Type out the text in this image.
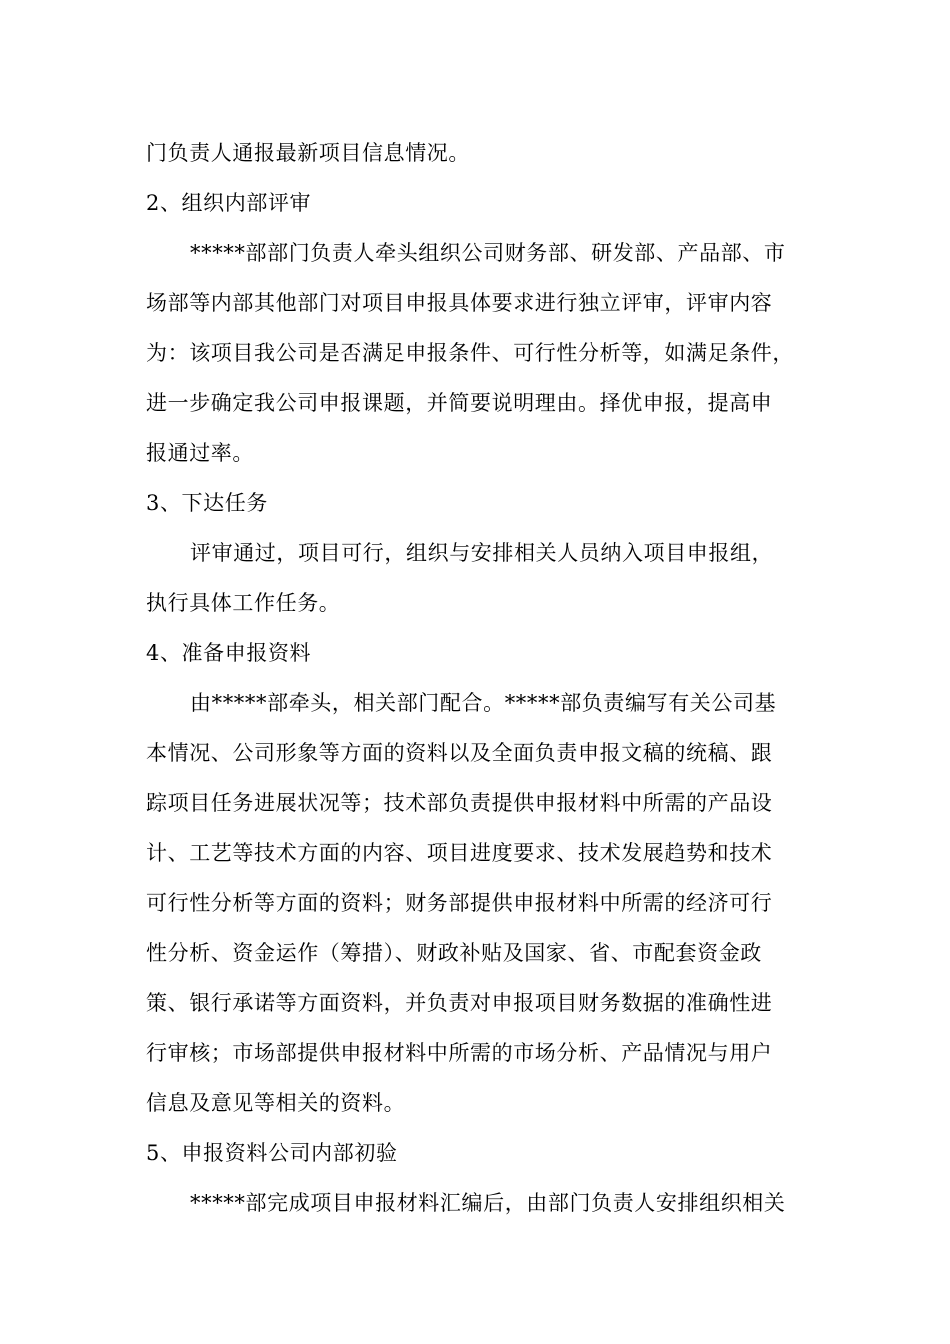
门负责人通报最新项目信息情况。
2、组织内部评审
*****部部门负责人牵头组织公司财务部、研发部、产品部、市
场部等内部其他部门对项目申报具体要求进行独立评审，评审内容
为：该项目我公司是否满足申报条件、可行性分析等，如满足条件，
进一步确定我公司申报课题，并简要说明理由。择优申报，提高申
报通过率。
3、下达任务
评审通过，项目可行，组织与安排相关人员纳入项目申报组，
执行具体工作任务。
4、准备申报资料
由*****部牵头，相关部门配合。*****部负责编写有关公司基
本情况、公司形象等方面的资料以及全面负责申报文稿的统稿、跟
踪项目任务进展状况等；技术部负责提供申报材料中所需的产品设
计、工艺等技术方面的内容、项目进度要求、技术发展趋势和技术
可行性分析等方面的资料；财务部提供申报材料中所需的经济可行
性分析、资金运作（筹措）、财政补贴及国家、省、市配套资金政
策、银行承诺等方面资料，并负责对申报项目财务数据的准确性进
行审核；市场部提供申报材料中所需的市场分析、产品情况与用户
信息及意见等相关的资料。
5、申报资料公司内部初验
*****部完成项目申报材料汇编后，由部门负责人安排组织相关
